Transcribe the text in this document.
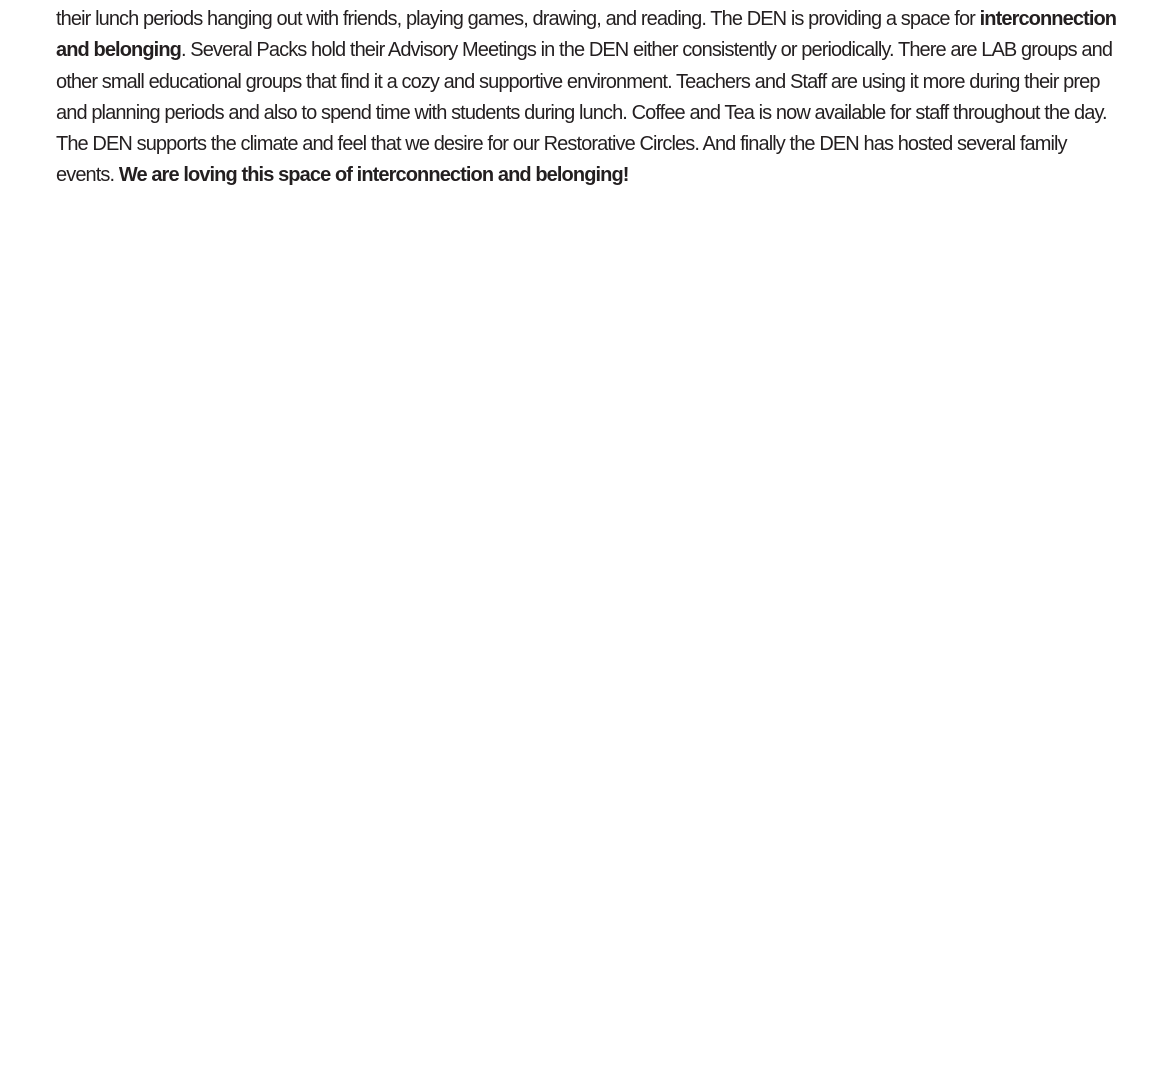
their lunch periods hanging out with friends, playing games, drawing, and reading. The DEN is providing a space for interconnection
and belonging. Several Packs hold their Advisory Meetings in the DEN either consistently or periodically. There are LAB groups and
other small educational groups that find it a cozy and supportive environment. Teachers and Staff are using it more during their prep
and planning periods and also to spend time with students during lunch. Coffee and Tea is now available for staff throughout the day.
The DEN supports the climate and feel that we desire for our Restorative Circles. And finally the DEN has hosted several family
events. We are loving this space of interconnection and belonging!
